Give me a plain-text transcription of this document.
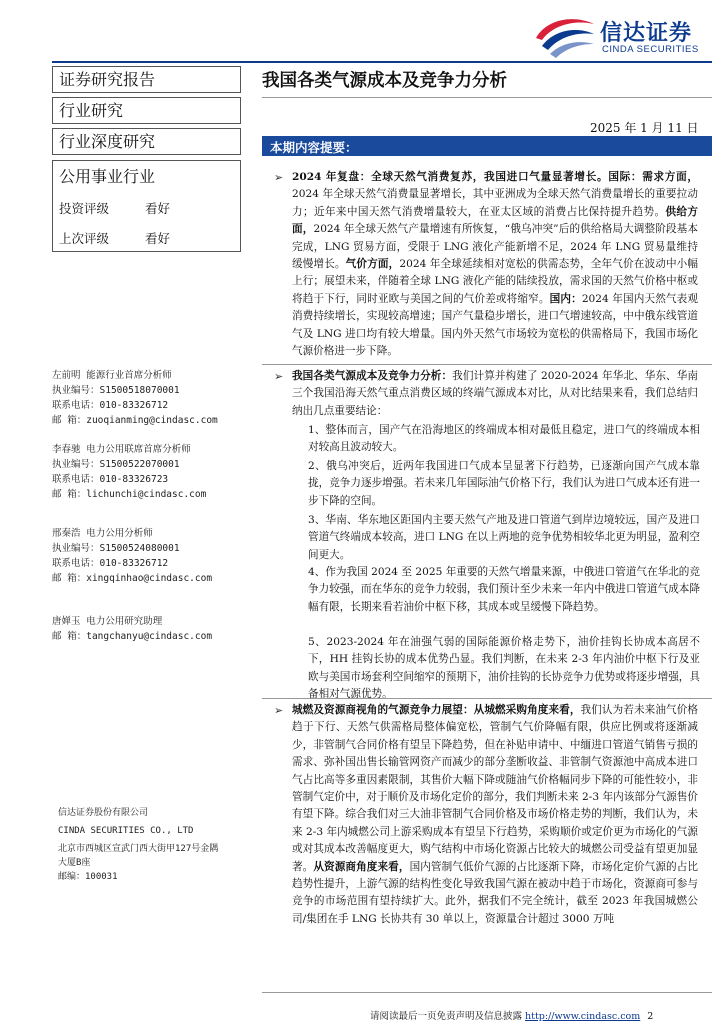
信达证券
CINDA SECURITIES
证券研究报告
行业研究
行业深度研究
公用事业行业
投资评级	看好
上次评级	看好
左前明 能源行业首席分析师
执业编号：S1500518070001
联系电话：010-83326712
邮 箱：zuoqianming@cindasc.com
李春驰 电力公用联席首席分析师
执业编号：S1500522070001
联系电话：010-83326723
邮 箱：lichunchi@cindasc.com
邢秦浩 电力公用分析师
执业编号：S1500524080001
联系电话：010-83326712
邮 箱：xingqinhao@cindasc.com
唐婵玉 电力公用研究助理
邮 箱：tangchanyu@cindasc.com
信达证券股份有限公司
CINDA SECURITIES CO., LTD
北京市西城区宣武门西大街甲127号金隅
大厦B座
邮编：100031
我国各类气源成本及竞争力分析
2025 年 1 月 11 日
本期内容提要：
➢ 2024 年复盘：全球天然气消费复苏，我国进口气量显著增长。国际：需求方面，2024 年全球天然气消费量显著增长，其中亚洲成为全球天然气消费量增长的重要拉动力；近年来中国天然气消费增量较大，在亚太区域的消费占比保持提升趋势。供给方面，2024 年全球天然气产量增速有所恢复，“俄乌冲突”后的供给格局大调整阶段基本完成，LNG 贸易方面，受限于 LNG 液化产能新增不足，2024 年 LNG 贸易量维持缓慢增长。气价方面，2024 年全球延续相对宽松的供需态势，全年气价在波动中小幅上行；展望未来，伴随着全球 LNG 液化产能的陆续投放，需求国的天然气价格中枢或将趋于下行，同时亚欧与美国之间的气价差或将缩窄。国内：2024 年国内天然气表观消费持续增长，实现较高增速；国产气量稳步增长，进口气增速较高，中中俄东线管道气及 LNG 进口均有较大增量。国内外天然气市场较为宽松的供需格局下，我国市场化气源价格进一步下降。

➢ 我国各类气源成本及竞争力分析：我们计算并构建了 2020-2024 年华北、华东、华南三个我国沿海天然气重点消费区域的终端气源成本对比，从对比结果来看，我们总结归纳出几点重要结论：

1、整体而言，国产气在沿海地区的终端成本相对最低且稳定，进口气的终端成本相对较高且波动较大。
2、俄乌冲突后，近两年我国进口气成本呈显著下行趋势，已逐渐向国产气成本靠拢，竞争力逐步增强。若未来几年国际油气价格下行，我们认为进口气成本还有进一步下降的空间。
3、华南、华东地区距国内主要天然气产地及进口管道气到岸边境较远，国产及进口管道气终端成本较高，进口 LNG 在以上两地的竞争优势相较华北更为明显，盈利空间更大。
4、作为我国 2024 至 2025 年重要的天然气增量来源，中俄进口管道气在华北的竞争力较强，而在华东的竞争力较弱，我们预计至少未来一年内中俄进口管道气成本降幅有限，长期来看若油价中枢下移，其成本或呈缓慢下降趋势。
5、2023-2024 年在油强气弱的国际能源价格走势下，油价挂钩长协成本高居不下，HH 挂钩长协的成本优势凸显。我们判断，在未来 2-3 年内油价中枢下行及亚欧与美国市场套利空间缩窄的预期下，油价挂钩的长协竞争力优势或将逐步增强，具备相对气源优势。
➢ 城燃及资源商视角的气源竞争力展望：从城燃采购角度来看，我们认为若未来油气价格趋于下行、天然气供需格局整体偏宽松，管制气气价降幅有限，供应比例或将逐渐减少，非管制气合同价格有望呈下降趋势，但在补贴申请中、中缅进口管道气销售亏损的需求、弥补国出售长输管网资产而减少的部分垄断收益、非管制气资源池中高成本进口气占比高等多重因素限制，其售价大幅下降或随油气价格幅同步下降的可能性较小，非管制气定价中，对于顺价及市场化定价的部分，我们判断未来 2-3 年内该部分气源售价有望下降。综合我们对三大油非管制气合同价格及市场价格走势的判断，我们认为，未来 2-3 年内城燃公司上游采购成本有望呈下行趋势，采购顺价或定价更为市场化的气源或对其成本改善幅度更大，购气结构中市场化资源占比较大的城燃公司受益有望更加显著。从资源商角度来看，国内管制气低价气源的占比逐渐下降，市场化定价气源的占比趋势性提升，上游气源的结构性变化导致我国气源在被动中趋于市场化，资源商可参与竞争的市场范围有望持续扩大。此外，据我们不完全统计，截至 2023 年我国城燃公司/集团在手 LNG 长协共有 30 单以上，资源量合计超过 3000 万吨

请阅读最后一页免责声明及信息披露 http://www.cindasc.com 2
